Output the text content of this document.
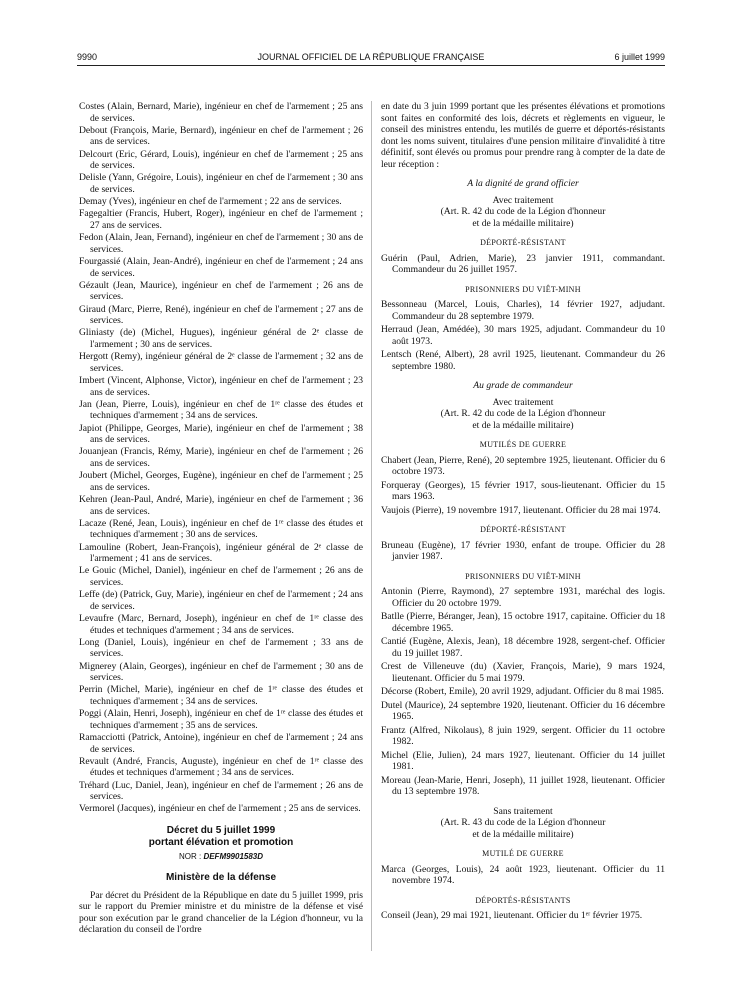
9990	JOURNAL OFFICIEL DE LA RÉPUBLIQUE FRANÇAISE	6 juillet 1999

Costes (Alain, Bernard, Marie), ingénieur en chef de l'armement ; 25 ans de services.

Debout (François, Marie, Bernard), ingénieur en chef de l'armement ; 26 ans de services.

Delcourt (Eric, Gérard, Louis), ingénieur en chef de l'armement ; 25 ans de services.

Delisle (Yann, Grégoire, Louis), ingénieur en chef de l'armement ; 30 ans de services.

Demay (Yves), ingénieur en chef de l'armement ; 22 ans de services.

Fagegaltier (Francis, Hubert, Roger), ingénieur en chef de l'armement ; 27 ans de services.

Fedon (Alain, Jean, Fernand), ingénieur en chef de l'armement ; 30 ans de services.

Fourgassié (Alain, Jean-André), ingénieur en chef de l'armement ; 24 ans de services.

Gézault (Jean, Maurice), ingénieur en chef de l'armement ; 26 ans de services.

Giraud (Marc, Pierre, René), ingénieur en chef de l'armement ; 27 ans de services.

Gliniasty (de) (Michel, Hugues), ingénieur général de 2ᵉ classe de l'armement ; 30 ans de services.

Hergott (Remy), ingénieur général de 2ᵉ classe de l'armement ; 32 ans de services.

Imbert (Vincent, Alphonse, Victor), ingénieur en chef de l'armement ; 23 ans de services.

Jan (Jean, Pierre, Louis), ingénieur en chef de 1ʳᵉ classe des études et techniques d'armement ; 34 ans de services.

Japiot (Philippe, Georges, Marie), ingénieur en chef de l'armement ; 38 ans de services.

Jouanjean (Francis, Rémy, Marie), ingénieur en chef de l'armement ; 26 ans de services.

Joubert (Michel, Georges, Eugène), ingénieur en chef de l'armement ; 25 ans de services.

Kehren (Jean-Paul, André, Marie), ingénieur en chef de l'armement ; 36 ans de services.

Lacaze (René, Jean, Louis), ingénieur en chef de 1ʳᵉ classe des études et techniques d'armement ; 30 ans de services.

Lamouline (Robert, Jean-François), ingénieur général de 2ᵉ classe de l'armement ; 41 ans de services.

Le Gouic (Michel, Daniel), ingénieur en chef de l'armement ; 26 ans de services.

Leffe (de) (Patrick, Guy, Marie), ingénieur en chef de l'armement ; 24 ans de services.

Levaufre (Marc, Bernard, Joseph), ingénieur en chef de 1ʳᵉ classe des études et techniques d'armement ; 34 ans de services.

Long (Daniel, Louis), ingénieur en chef de l'armement ; 33 ans de services.

Mignerey (Alain, Georges), ingénieur en chef de l'armement ; 30 ans de services.

Perrin (Michel, Marie), ingénieur en chef de 1ʳᵉ classe des études et techniques d'armement ; 34 ans de services.

Poggi (Alain, Henri, Joseph), ingénieur en chef de 1ʳᵉ classe des études et techniques d'armement ; 35 ans de services.

Ramacciotti (Patrick, Antoine), ingénieur en chef de l'armement ; 24 ans de services.

Revault (André, Francis, Auguste), ingénieur en chef de 1ʳᵉ classe des études et techniques d'armement ; 34 ans de services.

Tréhard (Luc, Daniel, Jean), ingénieur en chef de l'armement ; 26 ans de services.

Vermorel (Jacques), ingénieur en chef de l'armement ; 25 ans de services.

Décret du 5 juillet 1999

portant élévation et promotion

NOR : DEFM9901583D

Ministère de la défense

Par décret du Président de la République en date du 5 juillet 1999, pris sur le rapport du Premier ministre et du ministre de la défense et visé pour son exécution par le grand chancelier de la Légion d'honneur, vu la déclaration du conseil de l'ordre

en date du 3 juin 1999 portant que les présentes élévations et promotions sont faites en conformité des lois, décrets et règlements en vigueur, le conseil des ministres entendu, les mutilés de guerre et déportés-résistants dont les noms suivent, titulaires d'une pension militaire d'invalidité à titre définitif, sont élevés ou promus pour prendre rang à compter de la date de leur réception :

A la dignité de grand officier

Avec traitement

(Art. R. 42 du code de la Légion d'honneur

et de la médaille militaire)

DÉPORTÉ-RÉSISTANT

Guérin (Paul, Adrien, Marie), 23 janvier 1911, commandant. Commandeur du 26 juillet 1957.

PRISONNIERS DU VIÊT-MINH

Bessonneau (Marcel, Louis, Charles), 14 février 1927, adjudant. Commandeur du 28 septembre 1979.

Herraud (Jean, Amédée), 30 mars 1925, adjudant. Commandeur du 10 août 1973.

Lentsch (René, Albert), 28 avril 1925, lieutenant. Commandeur du 26 septembre 1980.

Au grade de commandeur

Avec traitement

(Art. R. 42 du code de la Légion d'honneur

et de la médaille militaire)

MUTILÉS DE GUERRE

Chabert (Jean, Pierre, René), 20 septembre 1925, lieutenant. Officier du 6 octobre 1973.

Forqueray (Georges), 15 février 1917, sous-lieutenant. Officier du 15 mars 1963.

Vaujois (Pierre), 19 novembre 1917, lieutenant. Officier du 28 mai 1974.

DÉPORTÉ-RÉSISTANT

Bruneau (Eugène), 17 février 1930, enfant de troupe. Officier du 28 janvier 1987.

PRISONNIERS DU VIÊT-MINH

Antonin (Pierre, Raymond), 27 septembre 1931, maréchal des logis. Officier du 20 octobre 1979.

Batlle (Pierre, Béranger, Jean), 15 octobre 1917, capitaine. Officier du 18 décembre 1965.

Cantié (Eugène, Alexis, Jean), 18 décembre 1928, sergent-chef. Officier du 19 juillet 1987.

Crest de Villeneuve (du) (Xavier, François, Marie), 9 mars 1924, lieutenant. Officier du 5 mai 1979.

Décorse (Robert, Emile), 20 avril 1929, adjudant. Officier du 8 mai 1985.

Dutel (Maurice), 24 septembre 1920, lieutenant. Officier du 16 décembre 1965.

Frantz (Alfred, Nikolaus), 8 juin 1929, sergent. Officier du 11 octobre 1982.

Michel (Elie, Julien), 24 mars 1927, lieutenant. Officier du 14 juillet 1981.

Moreau (Jean-Marie, Henri, Joseph), 11 juillet 1928, lieutenant. Officier du 13 septembre 1978.

Sans traitement

(Art. R. 43 du code de la Légion d'honneur

et de la médaille militaire)

MUTILÉ DE GUERRE

Marca (Georges, Louis), 24 août 1923, lieutenant. Officier du 11 novembre 1974.

DÉPORTÉS-RÉSISTANTS

Conseil (Jean), 29 mai 1921, lieutenant. Officier du 1ᵉʳ février 1975.
